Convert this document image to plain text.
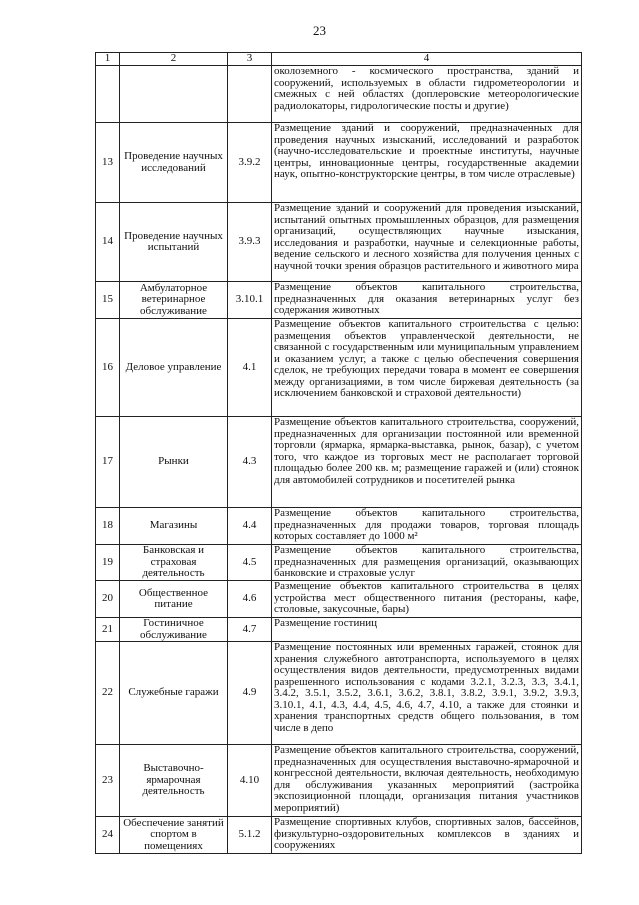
23
1	2	3	4
			околоземного - космического пространства, зданий и сооружений, используемых в области гидрометеорологии и смежных с ней областях (доплеровские метеорологические радиолокаторы, гидрологические посты и другие)
13	Проведение научных исследований	3.9.2	Размещение зданий и сооружений, предназначенных для проведения научных изысканий, исследований и разработок (научно-исследовательские и проектные институты, научные центры, инновационные центры, государственные академии наук, опытно-конструкторские центры, в том числе отраслевые)
14	Проведение научных испытаний	3.9.3	Размещение зданий и сооружений для проведения изысканий, испытаний опытных промышленных образцов, для размещения организаций, осуществляющих научные изыскания, исследования и разработки, научные и селекционные работы, ведение сельского и лесного хозяйства для получения ценных с научной точки зрения образцов растительного и животного мира
15	Амбулаторное ветеринарное обслуживание	3.10.1	Размещение объектов капитального строительства, предназначенных для оказания ветеринарных услуг без содержания животных
16	Деловое управление	4.1	Размещение объектов капитального строительства с целью: размещения объектов управленческой деятельности, не связанной с государственным или муниципальным управлением и оказанием услуг, а также с целью обеспечения совершения сделок, не требующих передачи товара в момент ее совершения между организациями, в том числе биржевая деятельность (за исключением банковской и страховой деятельности)
17	Рынки	4.3	Размещение объектов капитального строительства, сооружений, предназначенных для организации постоянной или временной торговли (ярмарка, ярмарка-выставка, рынок, базар), с учетом того, что каждое из торговых мест не располагает торговой площадью более 200 кв. м; размещение гаражей и (или) стоянок для автомобилей сотрудников и посетителей рынка
18	Магазины	4.4	Размещение объектов капитального строительства, предназначенных для продажи товаров, торговая площадь которых составляет до 1000 м²
19	Банковская и страховая деятельность	4.5	Размещение объектов капитального строительства, предназначенных для размещения организаций, оказывающих банковские и страховые услуг
20	Общественное питание	4.6	Размещение объектов капитального строительства в целях устройства мест общественного питания (рестораны, кафе, столовые, закусочные, бары)
21	Гостиничное обслуживание	4.7	Размещение гостиниц
22	Служебные гаражи	4.9	Размещение постоянных или временных гаражей, стоянок для хранения служебного автотранспорта, используемого в целях осуществления видов деятельности, предусмотренных видами разрешенного использования с кодами 3.2.1, 3.2.3, 3.3, 3.4.1, 3.4.2, 3.5.1, 3.5.2, 3.6.1, 3.6.2, 3.8.1, 3.8.2, 3.9.1, 3.9.2, 3.9.3, 3.10.1, 4.1, 4.3, 4.4, 4.5, 4.6, 4.7, 4.10, а также для стоянки и хранения транспортных средств общего пользования, в том числе в депо
23	Выставочно-ярмарочная деятельность	4.10	Размещение объектов капитального строительства, сооружений, предназначенных для осуществления выставочно-ярмарочной и конгрессной деятельности, включая деятельность, необходимую для обслуживания указанных мероприятий (застройка экспозиционной площади, организация питания участников мероприятий)
24	Обеспечение занятий спортом в помещениях	5.1.2	Размещение спортивных клубов, спортивных залов, бассейнов, физкультурно-оздоровительных комплексов в зданиях и сооружениях
